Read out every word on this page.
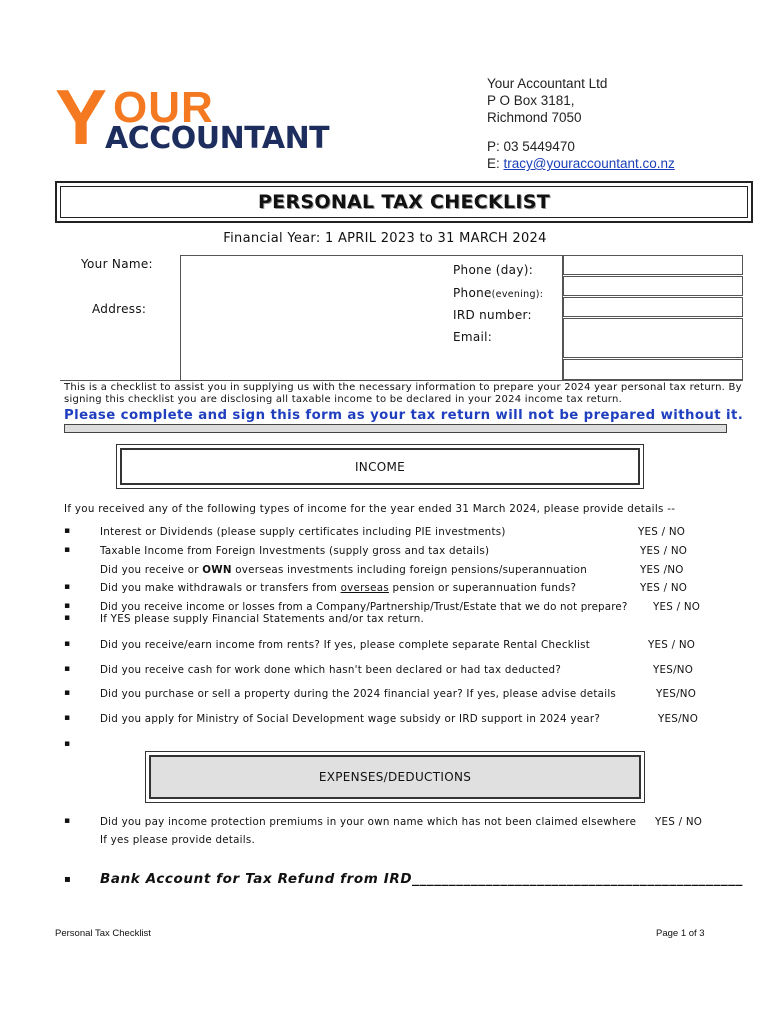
Y OUR
ACCOUNTANT
Your Accountant Ltd
P O Box 3181,
Richmond 7050
P: 03 5449470
E: tracy@youraccountant.co.nz
PERSONAL TAX CHECKLIST
Financial Year: 1 APRIL 2023 to 31 MARCH 2024
Your Name:
Address:
Phone (day):
Phone(evening):
IRD number:
Email:
This is a checklist to assist you in supplying us with the necessary information to prepare your 2024 year personal tax return. By signing this checklist you are disclosing all taxable income to be declared in your 2024 income tax return.
Please complete and sign this form as your tax return will not be prepared without it.
INCOME
If you received any of the following types of income for the year ended 31 March 2024, please provide details --
▪	Interest or Dividends (please supply certificates including PIE investments)	YES / NO
▪	Taxable Income from Foreign Investments (supply gross and tax details)	YES / NO
Did you receive or OWN overseas investments including foreign pensions/superannuation	YES /NO
▪	Did you make withdrawals or transfers from overseas pension or superannuation funds?	YES / NO
▪	Did you receive income or losses from a Company/Partnership/Trust/Estate that we do not prepare? YES / NO
▪	If YES please supply Financial Statements and/or tax return.
▪	Did you receive/earn income from rents? If yes, please complete separate Rental Checklist	YES / NO
▪	Did you receive cash for work done which hasn't been declared or had tax deducted?	YES/NO
▪	Did you purchase or sell a property during the 2024 financial year? If yes, please advise details	YES/NO
▪	Did you apply for Ministry of Social Development wage subsidy or IRD support in 2024 year?	YES/NO
▪
EXPENSES/DEDUCTIONS
▪	Did you pay income protection premiums in your own name which has not been claimed elsewhere YES / NO
If yes please provide details.
▪ Bank Account for Tax Refund from IRD_____________________________________________
Personal Tax Checklist	Page 1 of 3
